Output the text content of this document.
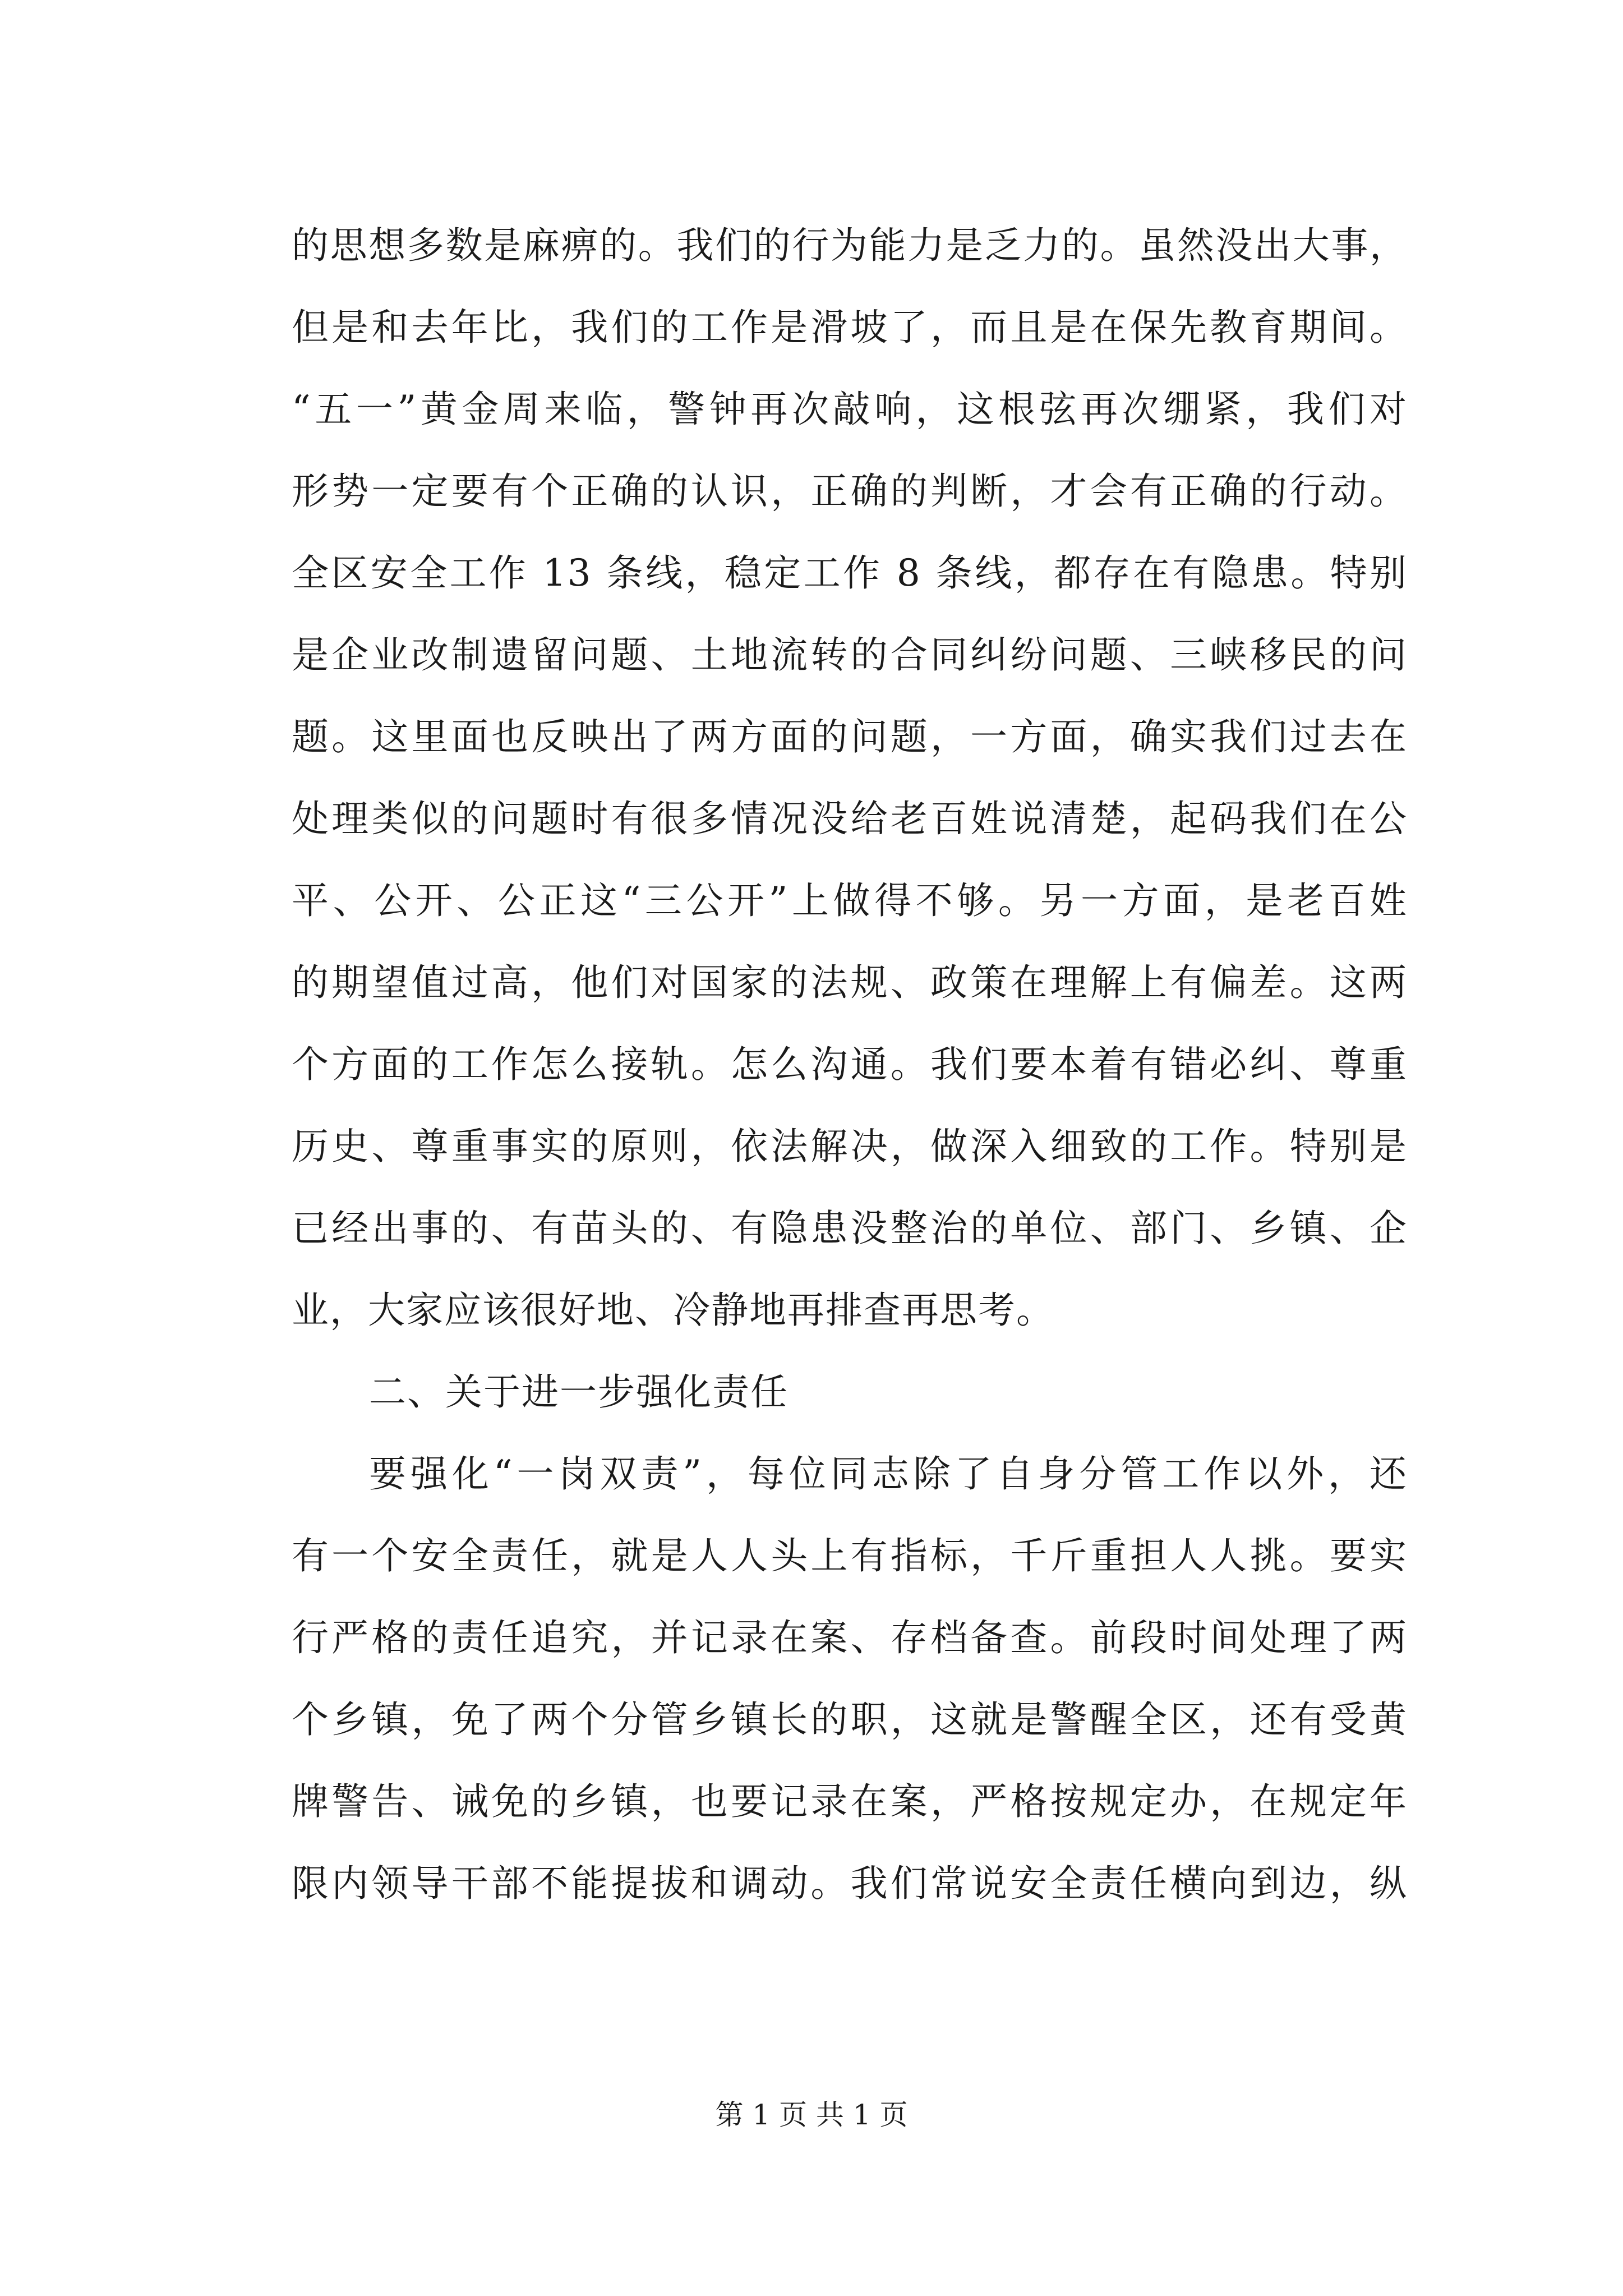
的思想多数是麻痹的。我们的行为能力是乏力的。虽然没出大事，
但是和去年比，我们的工作是滑坡了，而且是在保先教育期间。
“五一”黄金周来临，警钟再次敲响，这根弦再次绷紧，我们对
形势一定要有个正确的认识，正确的判断，才会有正确的行动。
全区安全工作 13 条线，稳定工作 8 条线，都存在有隐患。特别
是企业改制遗留问题、土地流转的合同纠纷问题、三峡移民的问
题。这里面也反映出了两方面的问题，一方面，确实我们过去在
处理类似的问题时有很多情况没给老百姓说清楚，起码我们在公
平、公开、公正这“三公开”上做得不够。另一方面，是老百姓
的期望值过高，他们对国家的法规、政策在理解上有偏差。这两
个方面的工作怎么接轨。怎么沟通。我们要本着有错必纠、尊重
历史、尊重事实的原则，依法解决，做深入细致的工作。特别是
已经出事的、有苗头的、有隐患没整治的单位、部门、乡镇、企
业，大家应该很好地、冷静地再排查再思考。
二、关于进一步强化责任
要强化“一岗双责”，每位同志除了自身分管工作以外，还
有一个安全责任，就是人人头上有指标，千斤重担人人挑。要实
行严格的责任追究，并记录在案、存档备查。前段时间处理了两
个乡镇，免了两个分管乡镇长的职，这就是警醒全区，还有受黄
牌警告、诫免的乡镇，也要记录在案，严格按规定办，在规定年
限内领导干部不能提拔和调动。我们常说安全责任横向到边，纵
第 1 页 共 1 页
